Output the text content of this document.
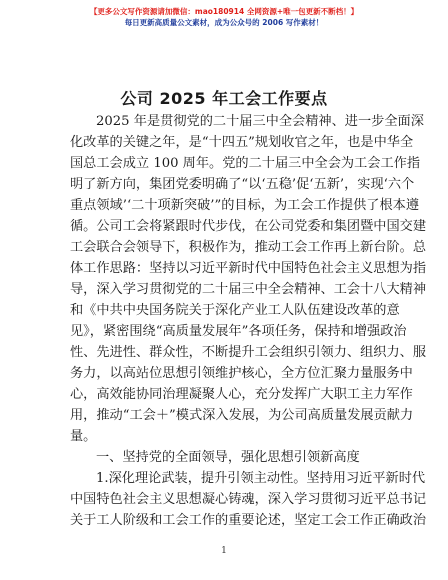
【更多公文写作资源请加微信：mao180914 全网资源+唯一包更新不断档！】
每日更新高质量公文素材，成为公众号的 2006 写作素材！
公司 2025 年工会工作要点
2025 年是贯彻党的二十届三中全会精神、进一步全面深
化改革的关键之年，是“十四五”规划收官之年，也是中华全
国总工会成立 100 周年。党的二十届三中全会为工会工作指
明了新方向，集团党委明确了“以‘五稳’促‘五新’，实现‘六个
重点领域’‘二十项新突破’”的目标，为工会工作提供了根本遵
循。公司工会将紧跟时代步伐，在公司党委和集团暨中国交建
工会联合会领导下，积极作为，推动工会工作再上新台阶。总
体工作思路：坚持以习近平新时代中国特色社会主义思想为指
导，深入学习贯彻党的二十届三中全会精神、工会十八大精神
和《中共中央国务院关于深化产业工人队伍建设改革的意
见》，紧密围绕“高质量发展年”各项任务，保持和增强政治
性、先进性、群众性，不断提升工会组织引领力、组织力、服
务力，以高站位思想引领维护核心，全方位汇聚力量服务中
心，高效能协同治理凝聚人心，充分发挥广大职工主力军作
用，推动“工会＋”模式深入发展，为公司高质量发展贡献力
量。
一、坚持党的全面领导，强化思想引领新高度
1.深化理论武装，提升引领主动性。坚持用习近平新时代
中国特色社会主义思想凝心铸魂，深入学习贯彻习近平总书记
关于工人阶级和工会工作的重要论述，坚定工会工作正确政治
1
